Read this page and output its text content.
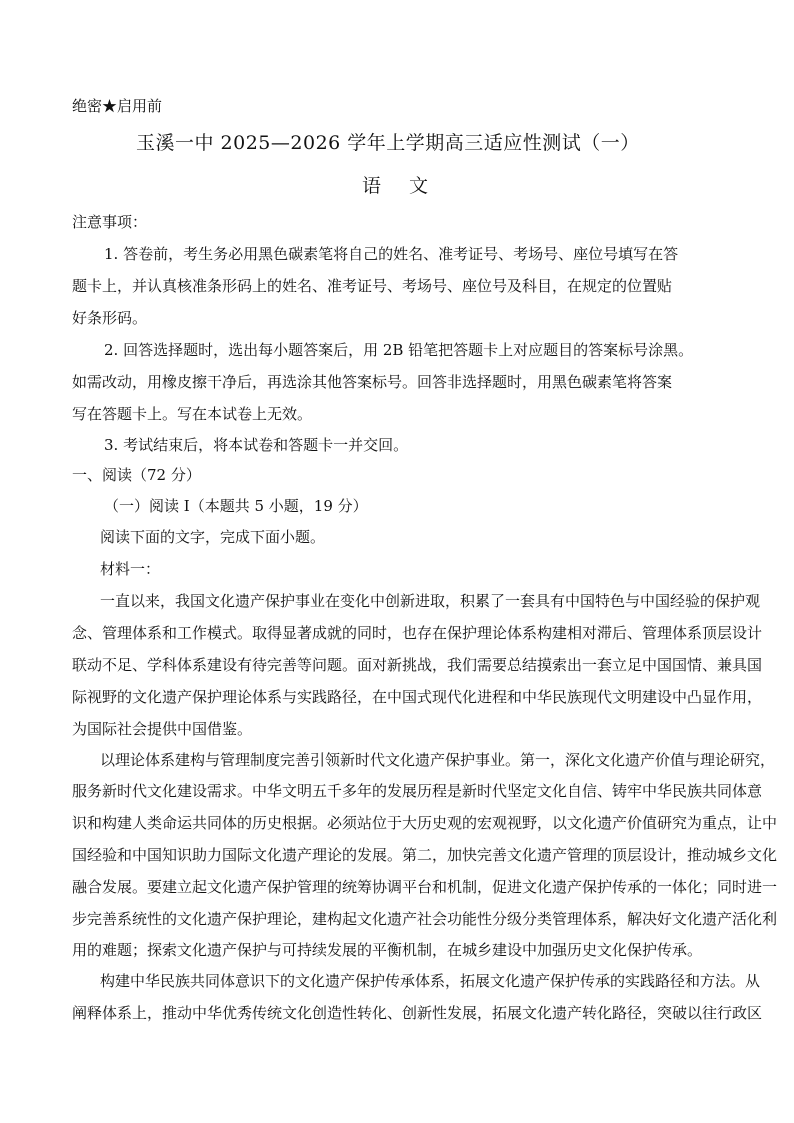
绝密★启用前
玉溪一中 2025—2026 学年上学期高三适应性测试（一）
语文
注意事项：
1. 答卷前，考生务必用黑色碳素笔将自己的姓名、准考证号、考场号、座位号填写在答
题卡上，并认真核准条形码上的姓名、准考证号、考场号、座位号及科目，在规定的位置贴
好条形码。
2. 回答选择题时，选出每小题答案后，用 2B 铅笔把答题卡上对应题目的答案标号涂黑。
如需改动，用橡皮擦干净后，再选涂其他答案标号。回答非选择题时，用黑色碳素笔将答案
写在答题卡上。写在本试卷上无效。
3. 考试结束后，将本试卷和答题卡一并交回。
一、阅读（72 分）
（一）阅读 I（本题共 5 小题，19 分）
阅读下面的文字，完成下面小题。
材料一：
一直以来，我国文化遗产保护事业在变化中创新进取，积累了一套具有中国特色与中国经验的保护观
念、管理体系和工作模式。取得显著成就的同时，也存在保护理论体系构建相对滞后、管理体系顶层设计
联动不足、学科体系建设有待完善等问题。面对新挑战，我们需要总结摸索出一套立足中国国情、兼具国
际视野的文化遗产保护理论体系与实践路径，在中国式现代化进程和中华民族现代文明建设中凸显作用，
为国际社会提供中国借鉴。
以理论体系建构与管理制度完善引领新时代文化遗产保护事业。第一，深化文化遗产价值与理论研究，
服务新时代文化建设需求。中华文明五千多年的发展历程是新时代坚定文化自信、铸牢中华民族共同体意
识和构建人类命运共同体的历史根据。必须站位于大历史观的宏观视野，以文化遗产价值研究为重点，让中
国经验和中国知识助力国际文化遗产理论的发展。第二，加快完善文化遗产管理的顶层设计，推动城乡文化
融合发展。要建立起文化遗产保护管理的统筹协调平台和机制，促进文化遗产保护传承的一体化；同时进一
步完善系统性的文化遗产保护理论，建构起文化遗产社会功能性分级分类管理体系，解决好文化遗产活化利
用的难题；探索文化遗产保护与可持续发展的平衡机制，在城乡建设中加强历史文化保护传承。
构建中华民族共同体意识下的文化遗产保护传承体系，拓展文化遗产保护传承的实践路径和方法。从
阐释体系上，推动中华优秀传统文化创造性转化、创新性发展，拓展文化遗产转化路径，突破以往行政区
